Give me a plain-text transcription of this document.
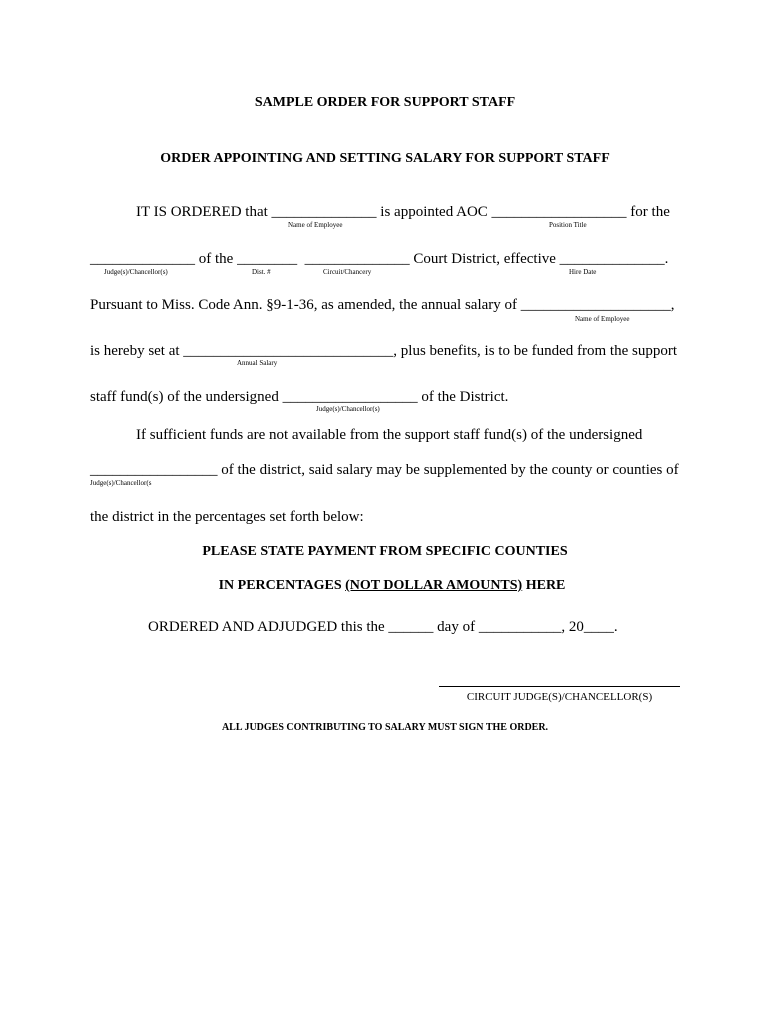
SAMPLE ORDER FOR SUPPORT STAFF
ORDER APPOINTING AND SETTING SALARY FOR SUPPORT STAFF
IT IS ORDERED that ______________ is appointed AOC __________________ for the
Name of Employee	Position Title
______________ of the ________  ______________ Court District, effective ______________.
Judge(s)/Chancellor(s)	Dist. #	Circuit/Chancery	Hire Date
Pursuant to Miss. Code Ann. §9-1-36, as amended, the annual salary of ____________________,
Name of Employee
is hereby set at ____________________________, plus benefits, is to be funded from the support
Annual Salary
staff fund(s) of the undersigned __________________ of the District.
Judge(s)/Chancellor(s)
If sufficient funds are not available from the support staff fund(s) of the undersigned
_________________ of the district, said salary may be supplemented by the county or counties of
Judge(s)/Chancellor(s
the district in the percentages set forth below:
PLEASE STATE PAYMENT FROM SPECIFIC COUNTIES

IN PERCENTAGES (NOT DOLLAR AMOUNTS) HERE

ORDERED AND ADJUDGED this the ______ day of ___________, 20____.
CIRCUIT JUDGE(S)/CHANCELLOR(S)
ALL JUDGES CONTRIBUTING TO SALARY MUST SIGN THE ORDER.
